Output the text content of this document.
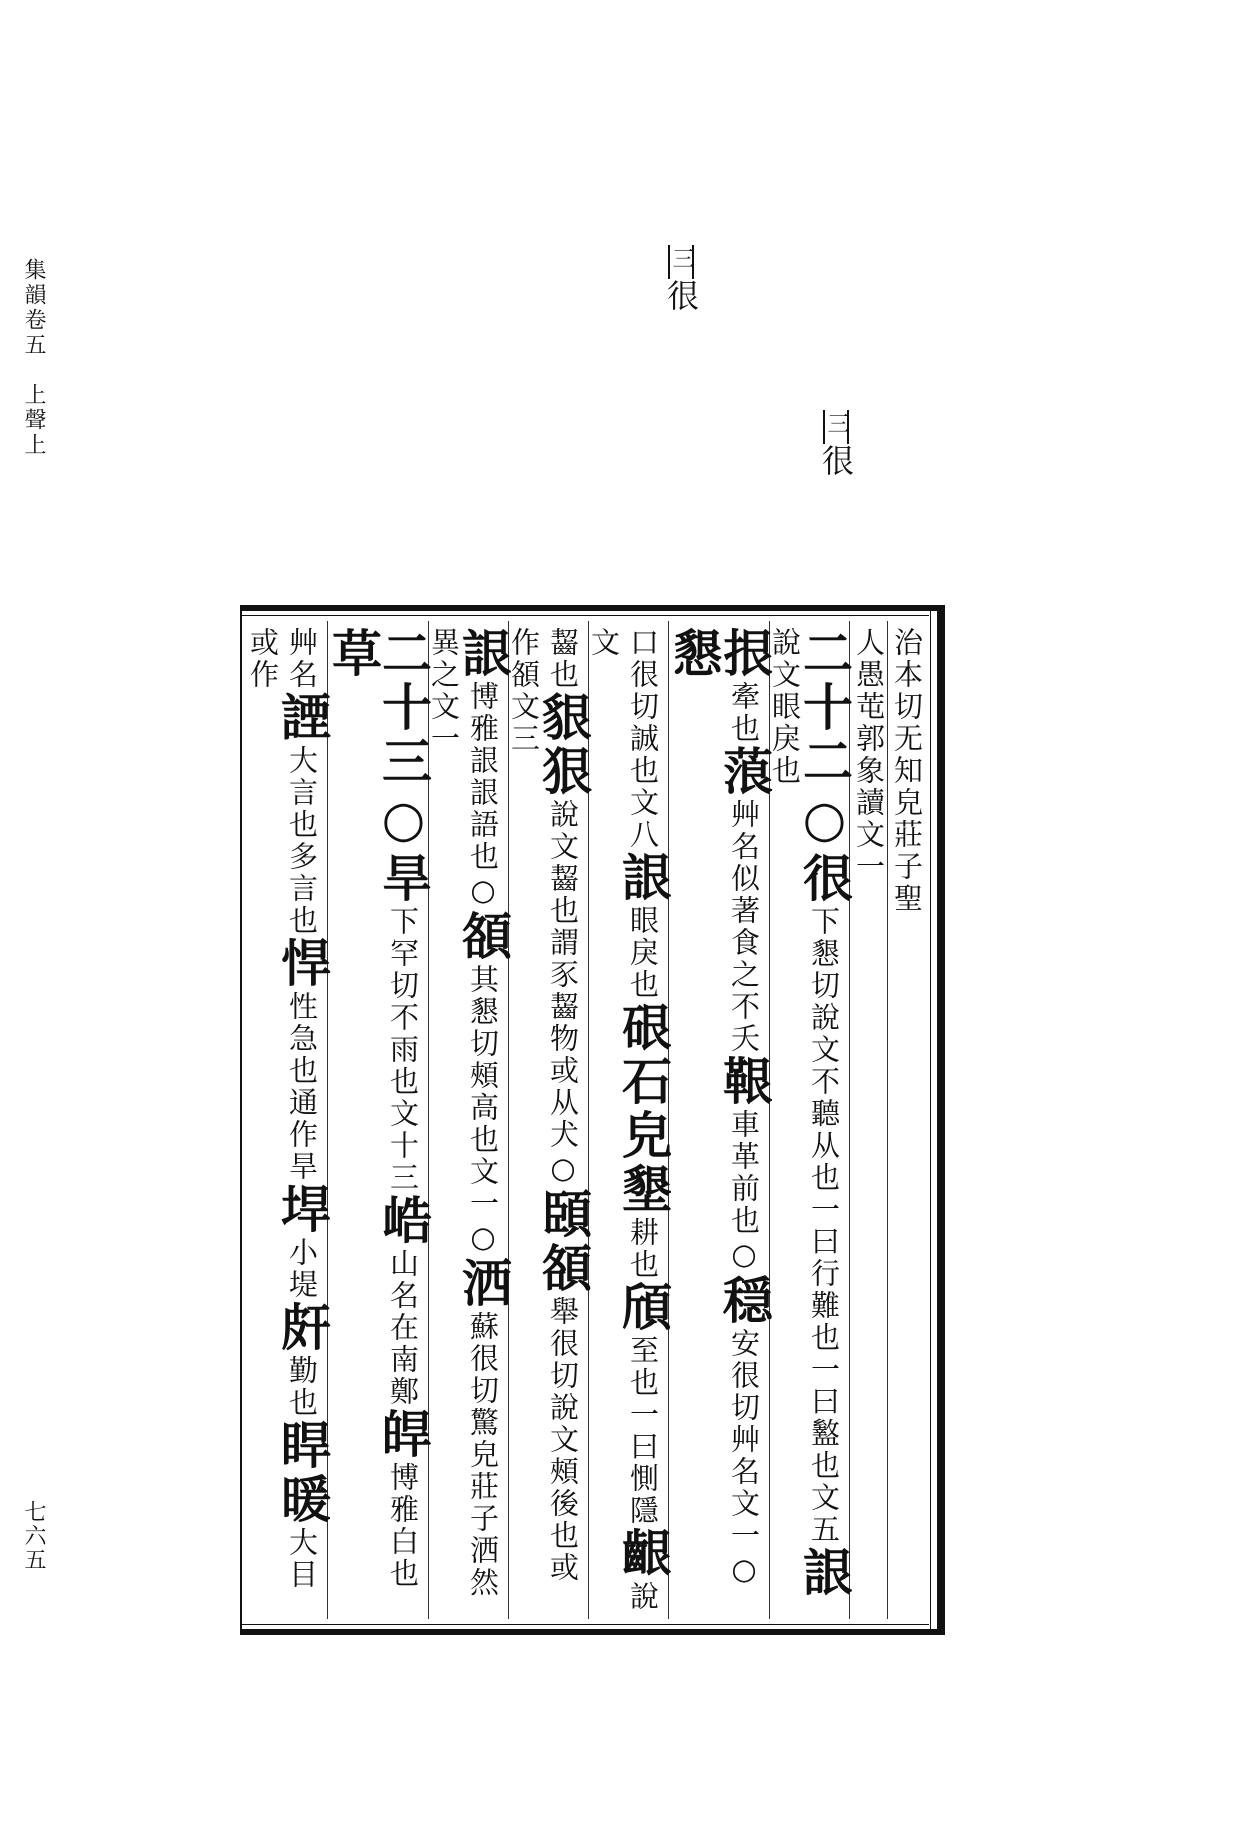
集韻卷五　上聲上
七六五
三很
三很
治本切无知皃莊子聖
人愚芚郭象讀文一
二十二○很下懇切說文不聽从也一曰行難也一曰盭也文五詪說文眼戾也
拫牽也蒗艸名似著食之不夭鞎車革前也○穏安很切艸名文一○懇
口很切誠也文八詪眼戾也硍石皃墾耕也頎至也一曰惻隱齦說文
齧也貇狠說文齧也謂豕齧物或从犬○頣頟舉很切說文頰後也或作頟文三
詪博雅詪詪語也○頟其懇切頰高也文一○洒蘇很切驚皃莊子洒然異之文一
二十三○旱下罕切不雨也文十三峼山名在南鄭皔博雅白也草
艸名諲大言也多言也悍性急也通作旱垾小堤皯勤也睅暖大目或作
